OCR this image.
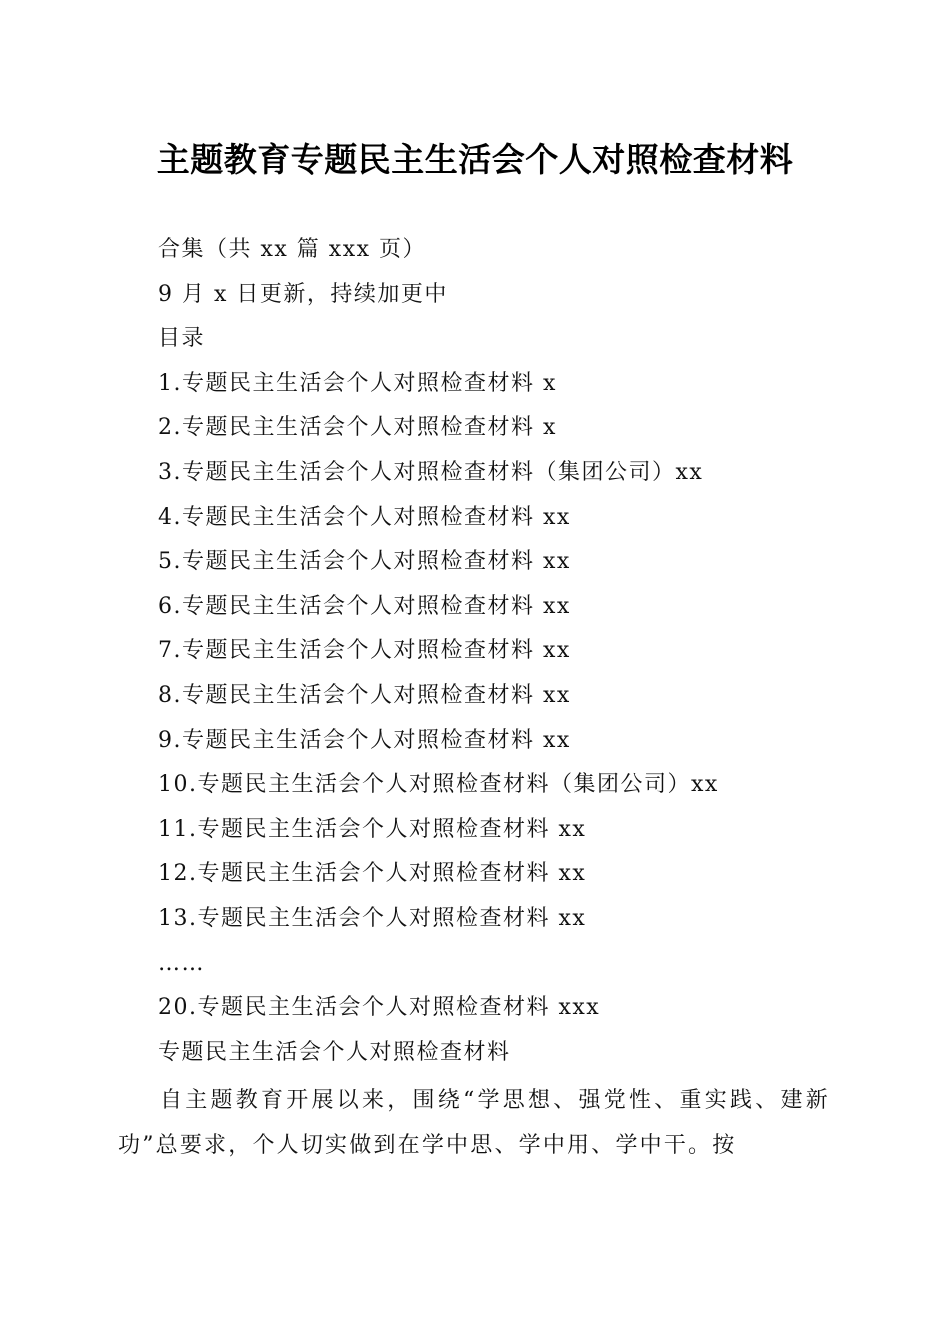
主题教育专题民主生活会个人对照检查材料
合集（共 xx 篇 xxx 页）
9 月 x 日更新，持续加更中
目录
1.专题民主生活会个人对照检查材料 x
2.专题民主生活会个人对照检查材料 x
3.专题民主生活会个人对照检查材料（集团公司）xx
4.专题民主生活会个人对照检查材料 xx
5.专题民主生活会个人对照检查材料 xx
6.专题民主生活会个人对照检查材料 xx
7.专题民主生活会个人对照检查材料 xx
8.专题民主生活会个人对照检查材料 xx
9.专题民主生活会个人对照检查材料 xx
10.专题民主生活会个人对照检查材料（集团公司）xx
11.专题民主生活会个人对照检查材料 xx
12.专题民主生活会个人对照检查材料 xx
13.专题民主生活会个人对照检查材料 xx
……
20.专题民主生活会个人对照检查材料 xxx
专题民主生活会个人对照检查材料
自主题教育开展以来，围绕“学思想、强党性、重实践、建新功”总要求，个人切实做到在学中思、学中用、学中干。按
